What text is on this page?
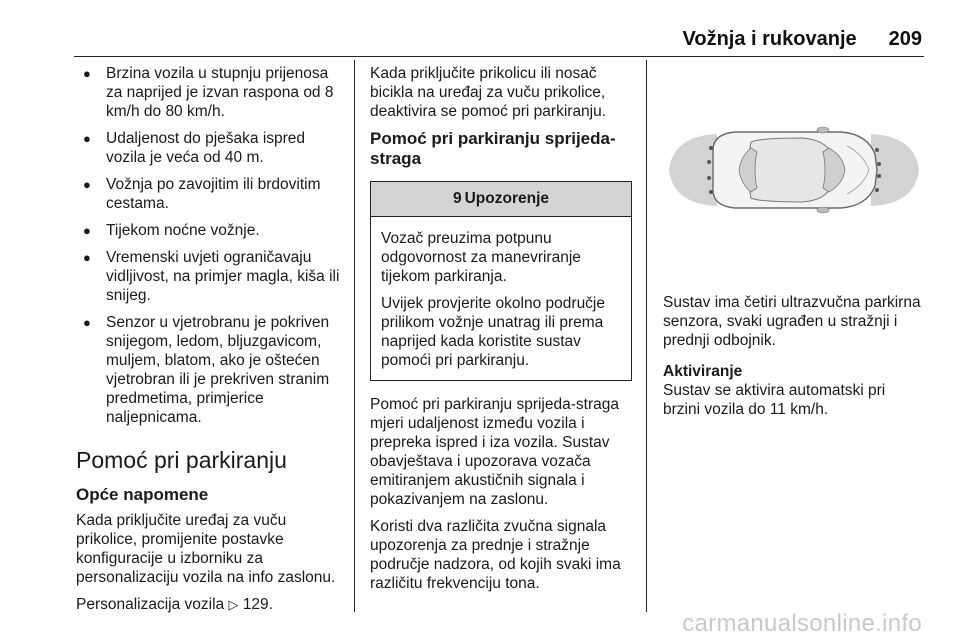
Vožnja i rukovanje 209
● Brzina vozila u stupnju prijenosa za naprijed je izvan raspona od 8 km/h do 80 km/h.
● Udaljenost do pješaka ispred vozila je veća od 40 m.
● Vožnja po zavojitim ili brdovitim cestama.
● Tijekom noćne vožnje.
● Vremenski uvjeti ograničavaju vidljivost, na primjer magla, kiša ili snijeg.
● Senzor u vjetrobranu je pokriven snijegom, ledom, bljuzgavicom, muljem, blatom, ako je oštećen vjetrobran ili je prekriven stranim predmetima, primjerice naljepnicama.
Pomoć pri parkiranju
Opće napomene

Kada priključite uređaj za vuču prikolice, promijenite postavke konfiguracije u izborniku za personalizaciju vozila na info zaslonu.

Personalizacija vozila ▷ 129.

Kada priključite prikolicu ili nosač bicikla na uređaj za vuču prikolice, deaktivira se pomoć pri parkiranju.

Pomoć pri parkiranju sprijeda-straga
9 Upozorenje

Vozač preuzima potpunu odgovornost za manevriranje tijekom parkiranja.

Uvijek provjerite okolno područje prilikom vožnje unatrag ili prema naprijed kada koristite sustav pomoći pri parkiranju.

Pomoć pri parkiranju sprijeda-straga mjeri udaljenost između vozila i prepreka ispred i iza vozila. Sustav obavještava i upozorava vozača emitiranjem akustičnih signala i pokazivanjem na zaslonu.

Koristi dva različita zvučna signala upozorenja za prednje i stražnje područje nadzora, od kojih svaki ima različitu frekvenciju tona.

Sustav ima četiri ultrazvučna parkirna senzora, svaki ugrađen u stražnji i prednji odbojnik.

Aktiviranje

Sustav se aktivira automatski pri brzini vozila do 11 km/h.

carmanualsonline.info
